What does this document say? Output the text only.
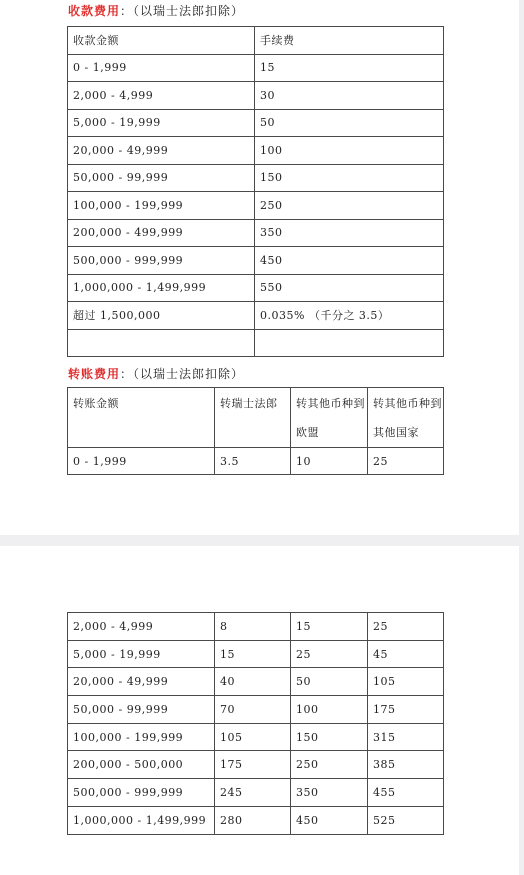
收款费用：（以瑞士法郎扣除）
收款金额	手续费
0 - 1,999	15
2,000 - 4,999	30
5,000 - 19,999	50
20,000 - 49,999	100
50,000 - 99,999	150
100,000 - 199,999	250
200,000 - 499,999	350
500,000 - 999,999	450
1,000,000 - 1,499,999	550
超过 1,500,000	0.035% （千分之 3.5）

转账费用：（以瑞士法郎扣除）
转账金额	转瑞士法郎	转其他币种到欧盟	转其他币种到其他国家
0 - 1,999	3.5	10	25
2,000 - 4,999	8	15	25
5,000 - 19,999	15	25	45
20,000 - 49,999	40	50	105
50,000 - 99,999	70	100	175
100,000 - 199,999	105	150	315
200,000 - 500,000	175	250	385
500,000 - 999,999	245	350	455
1,000,000 - 1,499,999	280	450	525
